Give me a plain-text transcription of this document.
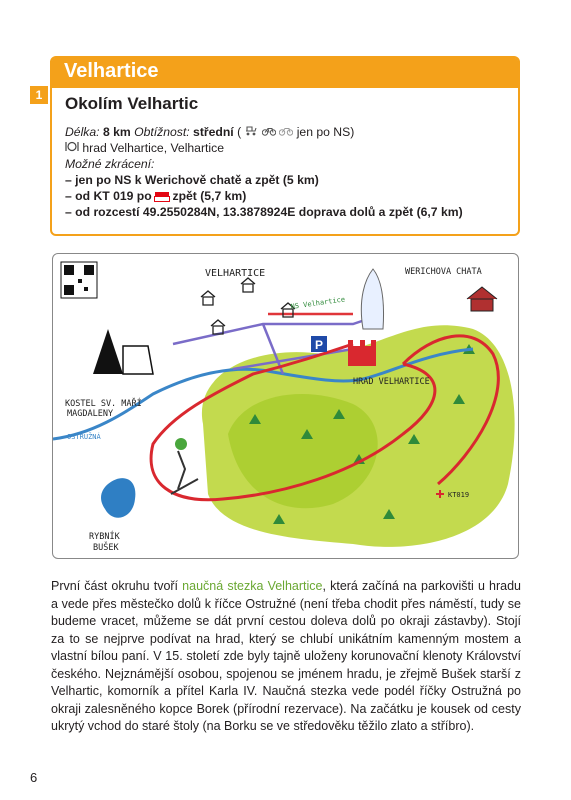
1
Velhartice
Okolím Velhartic
Délka: 8 km Obtížnost: střední (	jen po NS)
hrad Velhartice, Velhartice
Možné zkrácení:
– jen po NS k Werichově chatě a zpět (5 km)
– od KT 019 po zpět (5,7 km)
– od rozcestí 49.2550284N, 13.3878924E doprava dolů a zpět (6,7 km)
P
VELHARTICE	WERICHOVA CHATA
NS Velhartice
HRAD VELHARTICE
KOSTEL SV. MAŘÍ
MAGDALENY
OSTRUŽNÁ
RYBNÍK
BUŠEK
KT019
První část okruhu tvoří naučná stezka Velhartice, která začíná na parkovišti u hradu a vede přes městečko dolů k říčce Ostružné (není třeba chodit přes náměstí, tudy se budeme vracet, můžeme se dát první cestou doleva dolů po okraji zástavby). Stojí za to se nejprve podívat na hrad, který se chlubí unikátním kamenným mostem a vlastní bílou paní. V 15. století zde byly tajně uloženy korunovační klenoty Království českého. Nejznámější osobou, spojenou se jménem hradu, je zřejmě Bušek starší z Velhartic, komorník a přítel Karla IV. Naučná stezka vede podél říčky Ostružná po okraji zalesněného kopce Borek (přírodní rezervace). Na začátku je kousek od cesty ukrytý vchod do staré štoly (na Borku se ve středověku těžilo zlato a stříbro).
6
